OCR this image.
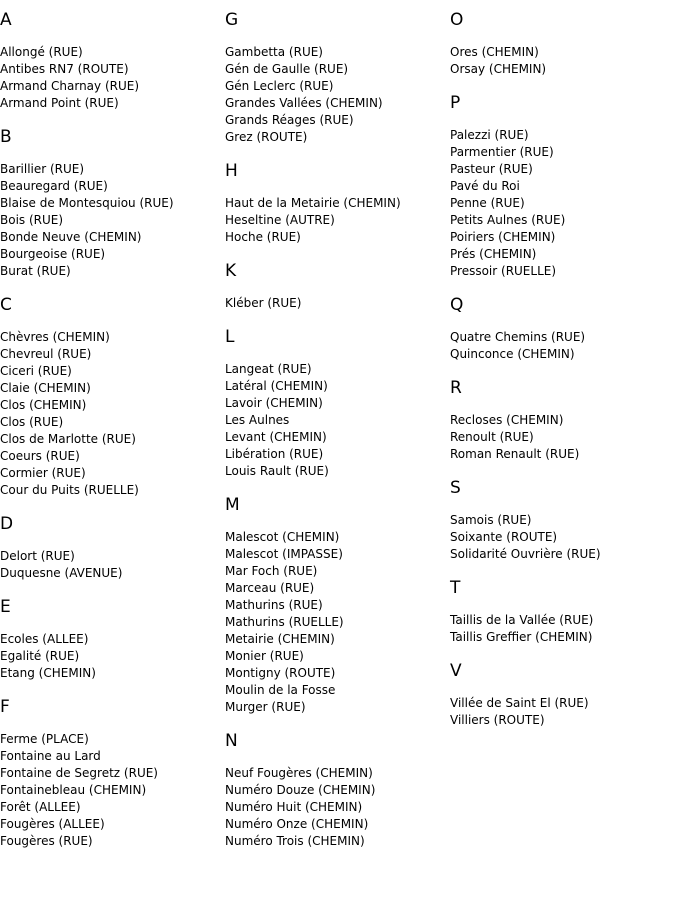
A
Allongé (RUE)
Antibes RN7 (ROUTE)
Armand Charnay (RUE)
Armand Point (RUE)
B
Barillier (RUE)
Beauregard (RUE)
Blaise de Montesquiou (RUE)
Bois (RUE)
Bonde Neuve (CHEMIN)
Bourgeoise (RUE)
Burat (RUE)
C
Chèvres (CHEMIN)
Chevreul (RUE)
Ciceri (RUE)
Claie (CHEMIN)
Clos (CHEMIN)
Clos (RUE)
Clos de Marlotte (RUE)
Coeurs (RUE)
Cormier (RUE)
Cour du Puits (RUELLE)
D
Delort (RUE)
Duquesne (AVENUE)
E
Ecoles (ALLEE)
Egalité (RUE)
Etang (CHEMIN)
F
Ferme (PLACE)
Fontaine au Lard
Fontaine de Segretz (RUE)
Fontainebleau (CHEMIN)
Forêt (ALLEE)
Fougères (ALLEE)
Fougères (RUE)
G
Gambetta (RUE)
Gén de Gaulle (RUE)
Gén Leclerc (RUE)
Grandes Vallées (CHEMIN)
Grands Réages (RUE)
Grez (ROUTE)
H
Haut de la Metairie (CHEMIN)
Heseltine (AUTRE)
Hoche (RUE)
K
Kléber (RUE)
L
Langeat (RUE)
Latéral (CHEMIN)
Lavoir (CHEMIN)
Les Aulnes
Levant (CHEMIN)
Libération (RUE)
Louis Rault (RUE)
M
Malescot (CHEMIN)
Malescot (IMPASSE)
Mar Foch (RUE)
Marceau (RUE)
Mathurins (RUE)
Mathurins (RUELLE)
Metairie (CHEMIN)
Monier (RUE)
Montigny (ROUTE)
Moulin de la Fosse
Murger (RUE)
N
Neuf Fougères (CHEMIN)
Numéro Douze (CHEMIN)
Numéro Huit (CHEMIN)
Numéro Onze (CHEMIN)
Numéro Trois (CHEMIN)
O
Ores (CHEMIN)
Orsay (CHEMIN)
P
Palezzi (RUE)
Parmentier (RUE)
Pasteur (RUE)
Pavé du Roi
Penne (RUE)
Petits Aulnes (RUE)
Poiriers (CHEMIN)
Prés (CHEMIN)
Pressoir (RUELLE)
Q
Quatre Chemins (RUE)
Quinconce (CHEMIN)
R
Recloses (CHEMIN)
Renoult (RUE)
Roman Renault (RUE)
S
Samois (RUE)
Soixante (ROUTE)
Solidarité Ouvrière (RUE)
T
Taillis de la Vallée (RUE)
Taillis Greffier (CHEMIN)
V
Villée de Saint El (RUE)
Villiers (ROUTE)
